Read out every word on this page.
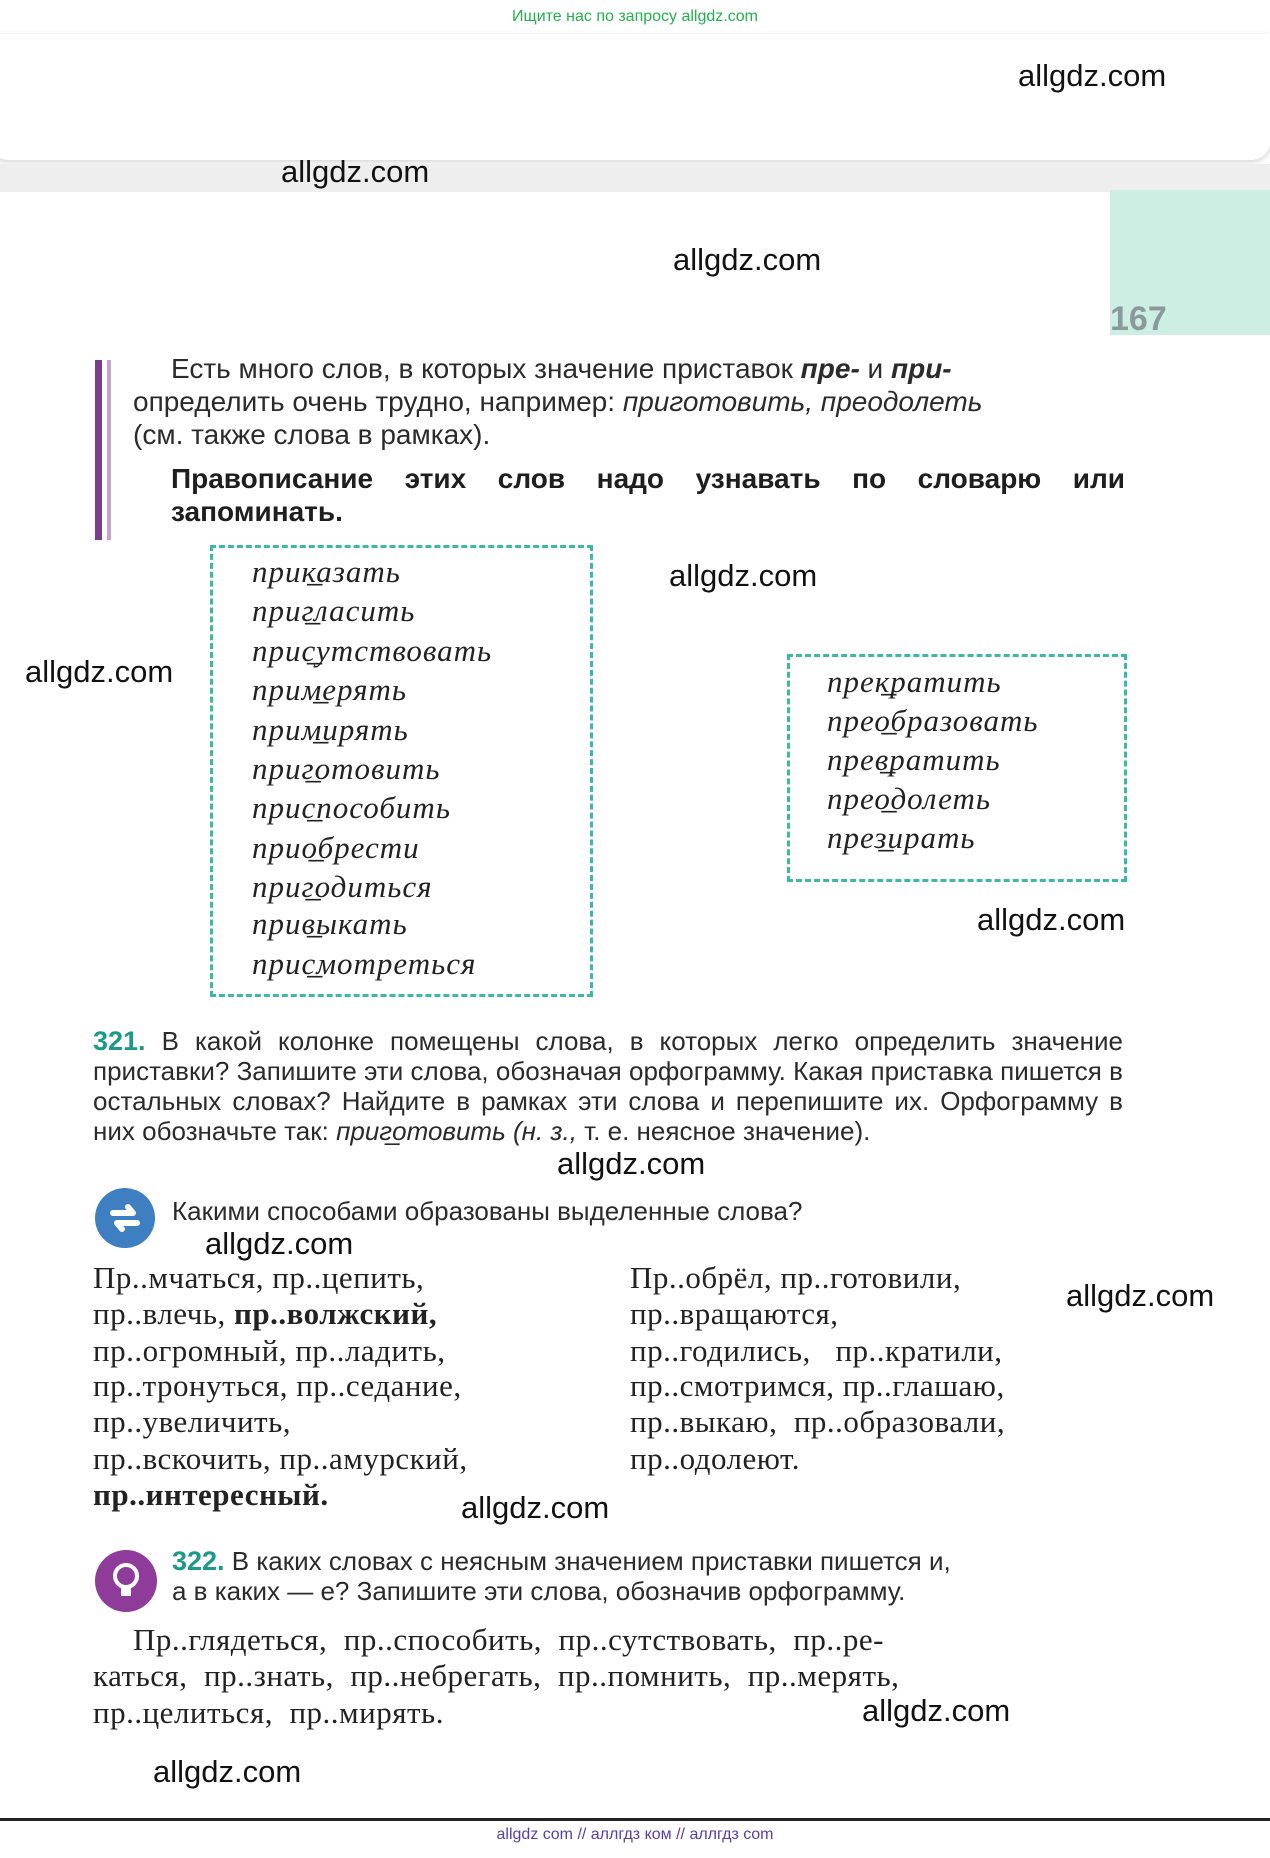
Ищите нас по запросу allgdz.com
167
allgdz.com
allgdz.com
allgdz.com
allgdz.com
allgdz.com
allgdz.com
allgdz.com
allgdz.com
allgdz.com
allgdz.com
allgdz.com
allgdz.com
Есть много слов, в которых значение приставок пре- и при-
определить очень трудно, например: приготовить, преодолеть
(см. также слова в рамках).
Правописание этих слов надо узнавать по словарю или запоминать.
прик̲азать
приг̲ласить
прис̲утствовать
прим̲ерять
прим̲ирять
приг̲отовить
прис̲пособить
прио̲брести
приг̲одиться
прив̲ыкать
прис̲мотреться
прек̲ратить
прео̲бразовать
прев̲ратить
прео̲долеть
през̲ирать
321. В какой колонке помещены слова, в которых легко определить значение приставки? Запишите эти слова, обозначая орфограмму. Какая приставка пишется в остальных словах? Найдите в рамках эти слова и перепишите их. Орфограмму в них обозначьте так: приг̲отовить (н. з., т. е. неясное значение).
Какими способами образованы выделенные слова?
Пр..мчаться, пр..цепить,
пр..влечь, пр..волжский,
пр..огромный, пр..ладить,
пр..тронуться, пр..седание,
пр..увеличить,
пр..вскочить, пр..амурский,
пр..интересный.
Пр..обрёл, пр..готовили,
пр..вращаются,
пр..годились,   пр..кратили,
пр..смотримся, пр..глашаю,
пр..выкаю,  пр..образовали,
пр..одолеют.
322. В каких словах с неясным значением приставки пишется и,
а в каких — е? Запишите эти слова, обозначив орфограмму.
Пр..глядеться,  пр..способить,  пр..сутствовать,  пр..ре-
каться,  пр..знать,  пр..небрегать,  пр..помнить,  пр..мерять,
пр..целиться,  пр..мирять.
allgdz com // аллгдз ком // аллгдз com
